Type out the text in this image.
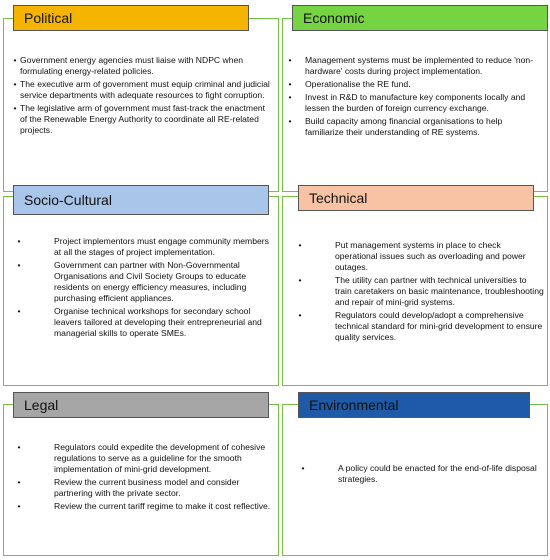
Political
• Government energy agencies must liaise with NDPC when formulating energy-related policies.
• The executive arm of government must equip criminal and judicial service departments with adequate resources to fight corruption.
• The legislative arm of government must fast-track the enactment of the Renewable Energy Authority to coordinate all RE-related projects.
Economic
•	Management systems must be implemented to reduce 'non-hardware' costs during project implementation.
•	Operationalise the RE fund.
•	Invest in R&D to manufacture key components locally and lessen the burden of foreign currency exchange.
•	Build capacity among financial organisations to help familiarize their understanding of RE systems.
Socio-Cultural
•	Project implementors must engage community members at all the stages of project implementation.
•	Government can partner with Non-Governmental Organisations and Civil Society Groups to educate residents on energy efficiency measures, including purchasing efficient appliances.
•	Organise technical workshops for secondary school leavers tailored at developing their entrepreneurial and managerial skills to operate SMEs.
Technical
•	Put management systems in place to check operational issues such as overloading and power outages.
•	The utility can partner with technical universities to train caretakers on basic maintenance, troubleshooting and repair of mini-grid systems.
•	Regulators could develop/adopt a comprehensive technical standard for mini-grid development to ensure quality services.
Legal
•	Regulators could expedite the development of cohesive regulations to serve as a guideline for the smooth implementation of mini-grid development.
•	Review the current business model and consider partnering with the private sector.
•	Review the current tariff regime to make it cost reflective.
Environmental
•	A policy could be enacted for the end-of-life disposal strategies.
